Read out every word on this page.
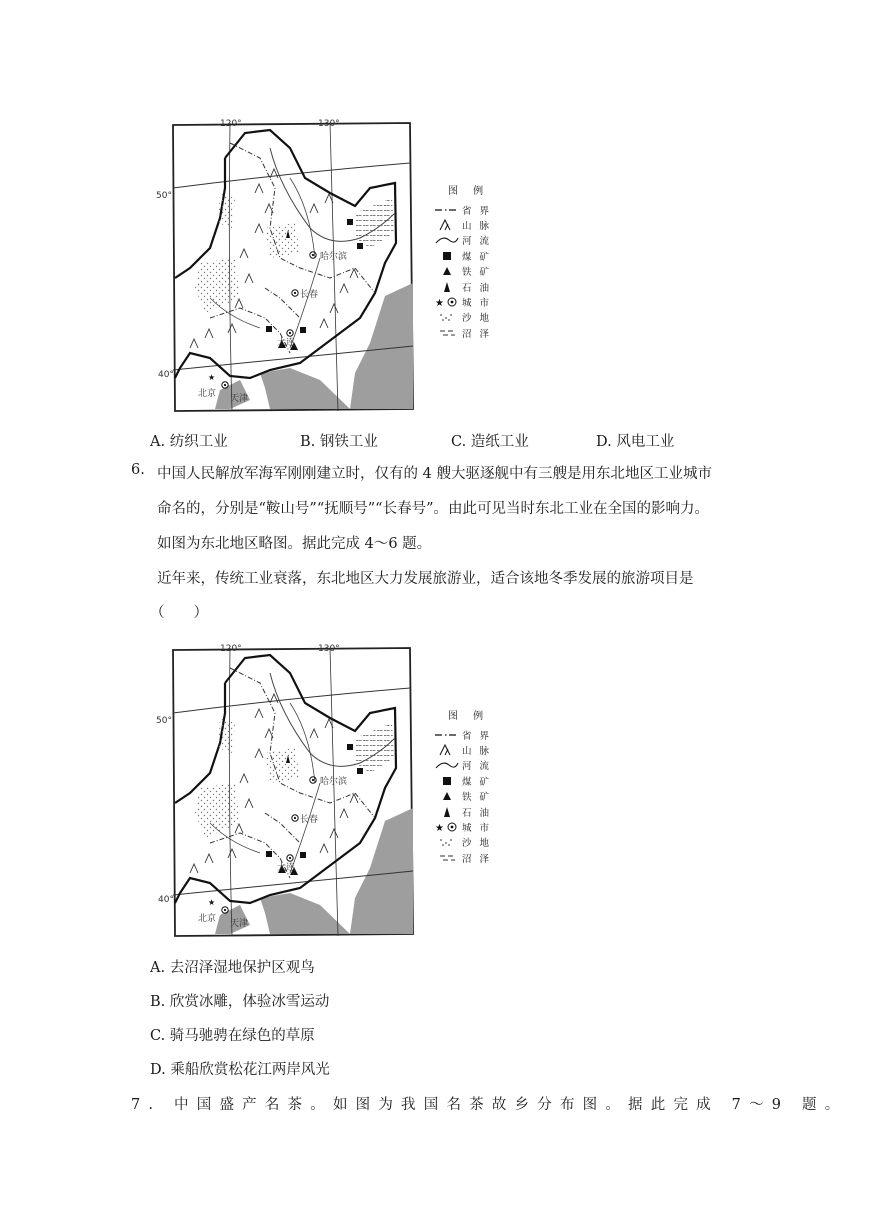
★
120°	130°
50°
40°
哈尔滨
长春
大连
北京 天津
图 例
省界
山脉
河流
煤矿
铁矿
石油
★ 城市
沙地
沼泽
A. 纺织工业	B. 钢铁工业	C. 造纸工业	D. 风电工业
6. 中国人民解放军海军刚刚建立时，仅有的 4 艘大驱逐舰中有三艘是用东北地区工业城市
命名的，分别是“鞍山号”“抚顺号”“长春号”。由此可见当时东北工业在全国的影响力。
如图为东北地区略图。据此完成 4～6 题。
近年来，传统工业衰落，东北地区大力发展旅游业，适合该地冬季发展的旅游项目是
（　　）
★
120°	130°
50°
40°
哈尔滨
长春
大连
北京 天津
图 例
省界
山脉
河流
煤矿
铁矿
石油
★ 城市
沙地
沼泽
A. 去沼泽湿地保护区观鸟
B. 欣赏冰雕，体验冰雪运动
C. 骑马驰骋在绿色的草原
D. 乘船欣赏松花江两岸风光
7. 中国盛产名茶。如图为我国名茶故乡分布图。据此完成 7～9 题。
